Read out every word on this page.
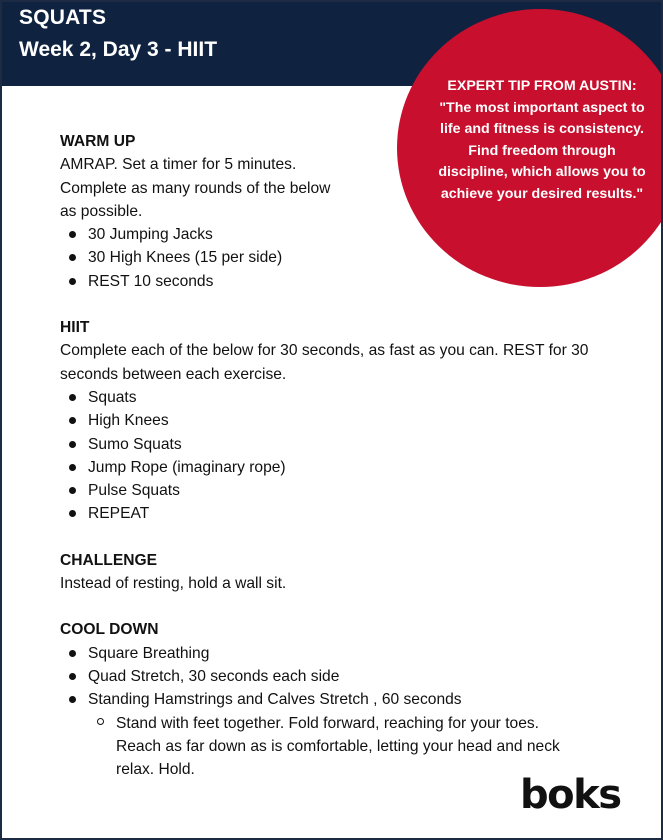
SQUATS
Week 2, Day 3 - HIIT
EXPERT TIP FROM AUSTIN: "The most important aspect to life and fitness is consistency. Find freedom through discipline, which allows you to achieve your desired results."
WARM UP

AMRAP. Set a timer for 5 minutes. Complete as many rounds of the below as possible.

30 Jumping Jacks
30 High Knees (15 per side)
REST 10 seconds
HIIT

Complete each of the below for 30 seconds, as fast as you can. REST for 30 seconds between each exercise.

Squats
High Knees
Sumo Squats
Jump Rope (imaginary rope)
Pulse Squats
REPEAT
CHALLENGE

Instead of resting, hold a wall sit.

COOL DOWN
Square Breathing
Quad Stretch, 30 seconds each side
Standing Hamstrings and Calves Stretch , 60 seconds
Stand with feet together. Fold forward, reaching for your toes. Reach as far down as is comfortable, letting your head and neck relax. Hold.
boks
